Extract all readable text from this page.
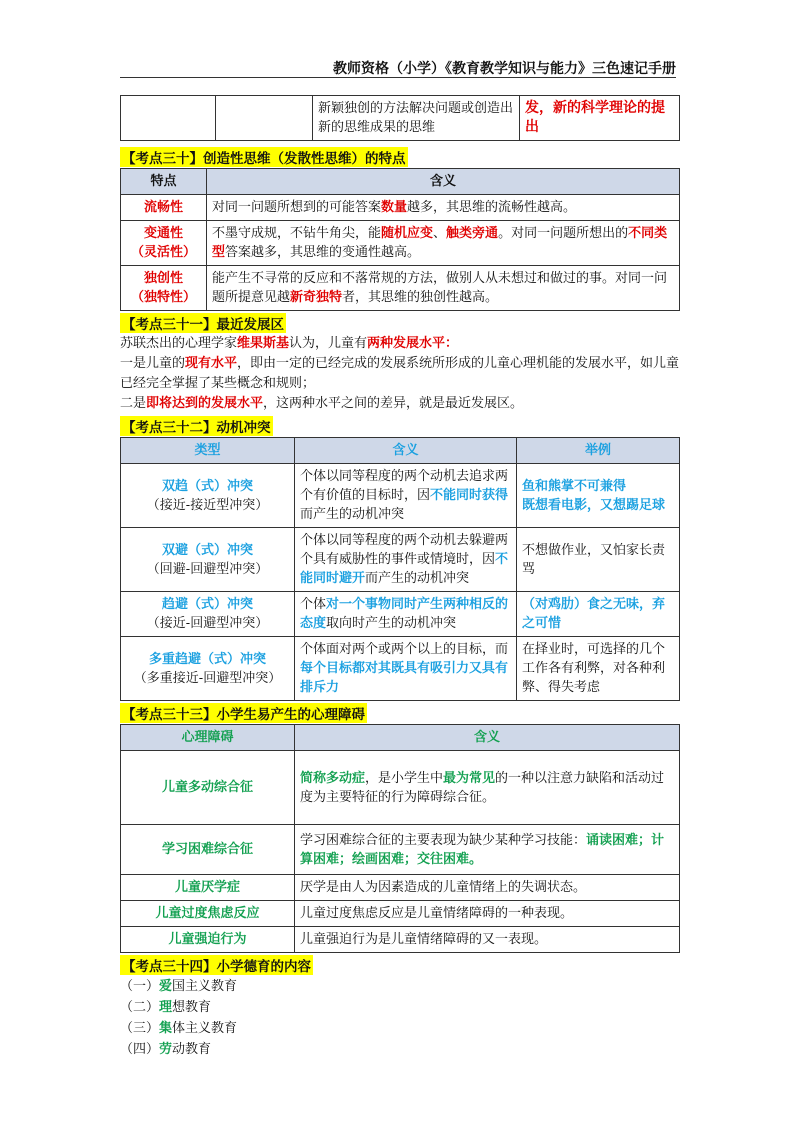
教师资格（小学）《教育教学知识与能力》三色速记手册
		新颖独创的方法解决问题或创造出新的思维成果的思维	发，新的科学理论的提出
【考点三十】创造性思维（发散性思维）的特点
特点	含义
流畅性	对同一问题所想到的可能答案数量越多，其思维的流畅性越高。
变通性
（灵活性）	不墨守成规，不钻牛角尖，能随机应变、触类旁通。对同一问题所想出的不同类型答案越多，其思维的变通性越高。
独创性
（独特性）	能产生不寻常的反应和不落常规的方法，做别人从未想过和做过的事。对同一问题所提意见越新奇独特者，其思维的独创性越高。
【考点三十一】最近发展区

苏联杰出的心理学家维果斯基认为，儿童有两种发展水平：

一是儿童的现有水平，即由一定的已经完成的发展系统所形成的儿童心理机能的发展水平，如儿童已经完全掌握了某些概念和规则；

二是即将达到的发展水平，这两种水平之间的差异，就是最近发展区。

【考点三十二】动机冲突
类型	含义	举例
双趋（式）冲突
（接近-接近型冲突）	个体以同等程度的两个动机去追求两个有价值的目标时，因不能同时获得而产生的动机冲突	鱼和熊掌不可兼得
既想看电影，又想踢足球
双避（式）冲突
（回避-回避型冲突）	个体以同等程度的两个动机去躲避两个具有威胁性的事件或情境时，因不能同时避开而产生的动机冲突	不想做作业，又怕家长责骂
趋避（式）冲突
（接近-回避型冲突）	个体对一个事物同时产生两种相反的态度取向时产生的动机冲突	（对鸡肋）食之无味，弃之可惜
多重趋避（式）冲突
（多重接近-回避型冲突）	个体面对两个或两个以上的目标，而每个目标都对其既具有吸引力又具有排斥力	在择业时，可选择的几个工作各有利弊，对各种利弊、得失考虑
【考点三十三】小学生易产生的心理障碍
心理障碍	含义
儿童多动综合征	简称多动症，是小学生中最为常见的一种以注意力缺陷和活动过度为主要特征的行为障碍综合征。
学习困难综合征	学习困难综合征的主要表现为缺少某种学习技能：诵读困难；计算困难；绘画困难；交往困难。
儿童厌学症	厌学是由人为因素造成的儿童情绪上的失调状态。
儿童过度焦虑反应	儿童过度焦虑反应是儿童情绪障碍的一种表现。
儿童强迫行为	儿童强迫行为是儿童情绪障碍的又一表现。
【考点三十四】小学德育的内容
（一）爱国主义教育
（二）理想教育
（三）集体主义教育
（四）劳动教育
